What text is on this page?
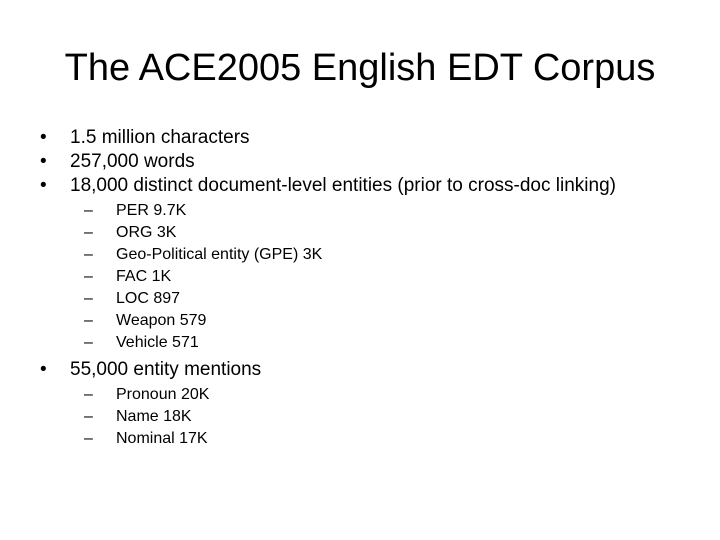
The ACE2005 English EDT Corpus
• 1.5 million characters
• 257,000 words
• 18,000 distinct document-level entities (prior to cross-doc linking)
– PER 9.7K
– ORG 3K
– Geo-Political entity (GPE) 3K
– FAC 1K
– LOC 897
– Weapon 579
– Vehicle 571
• 55,000 entity mentions
– Pronoun 20K
– Name 18K
– Nominal 17K
